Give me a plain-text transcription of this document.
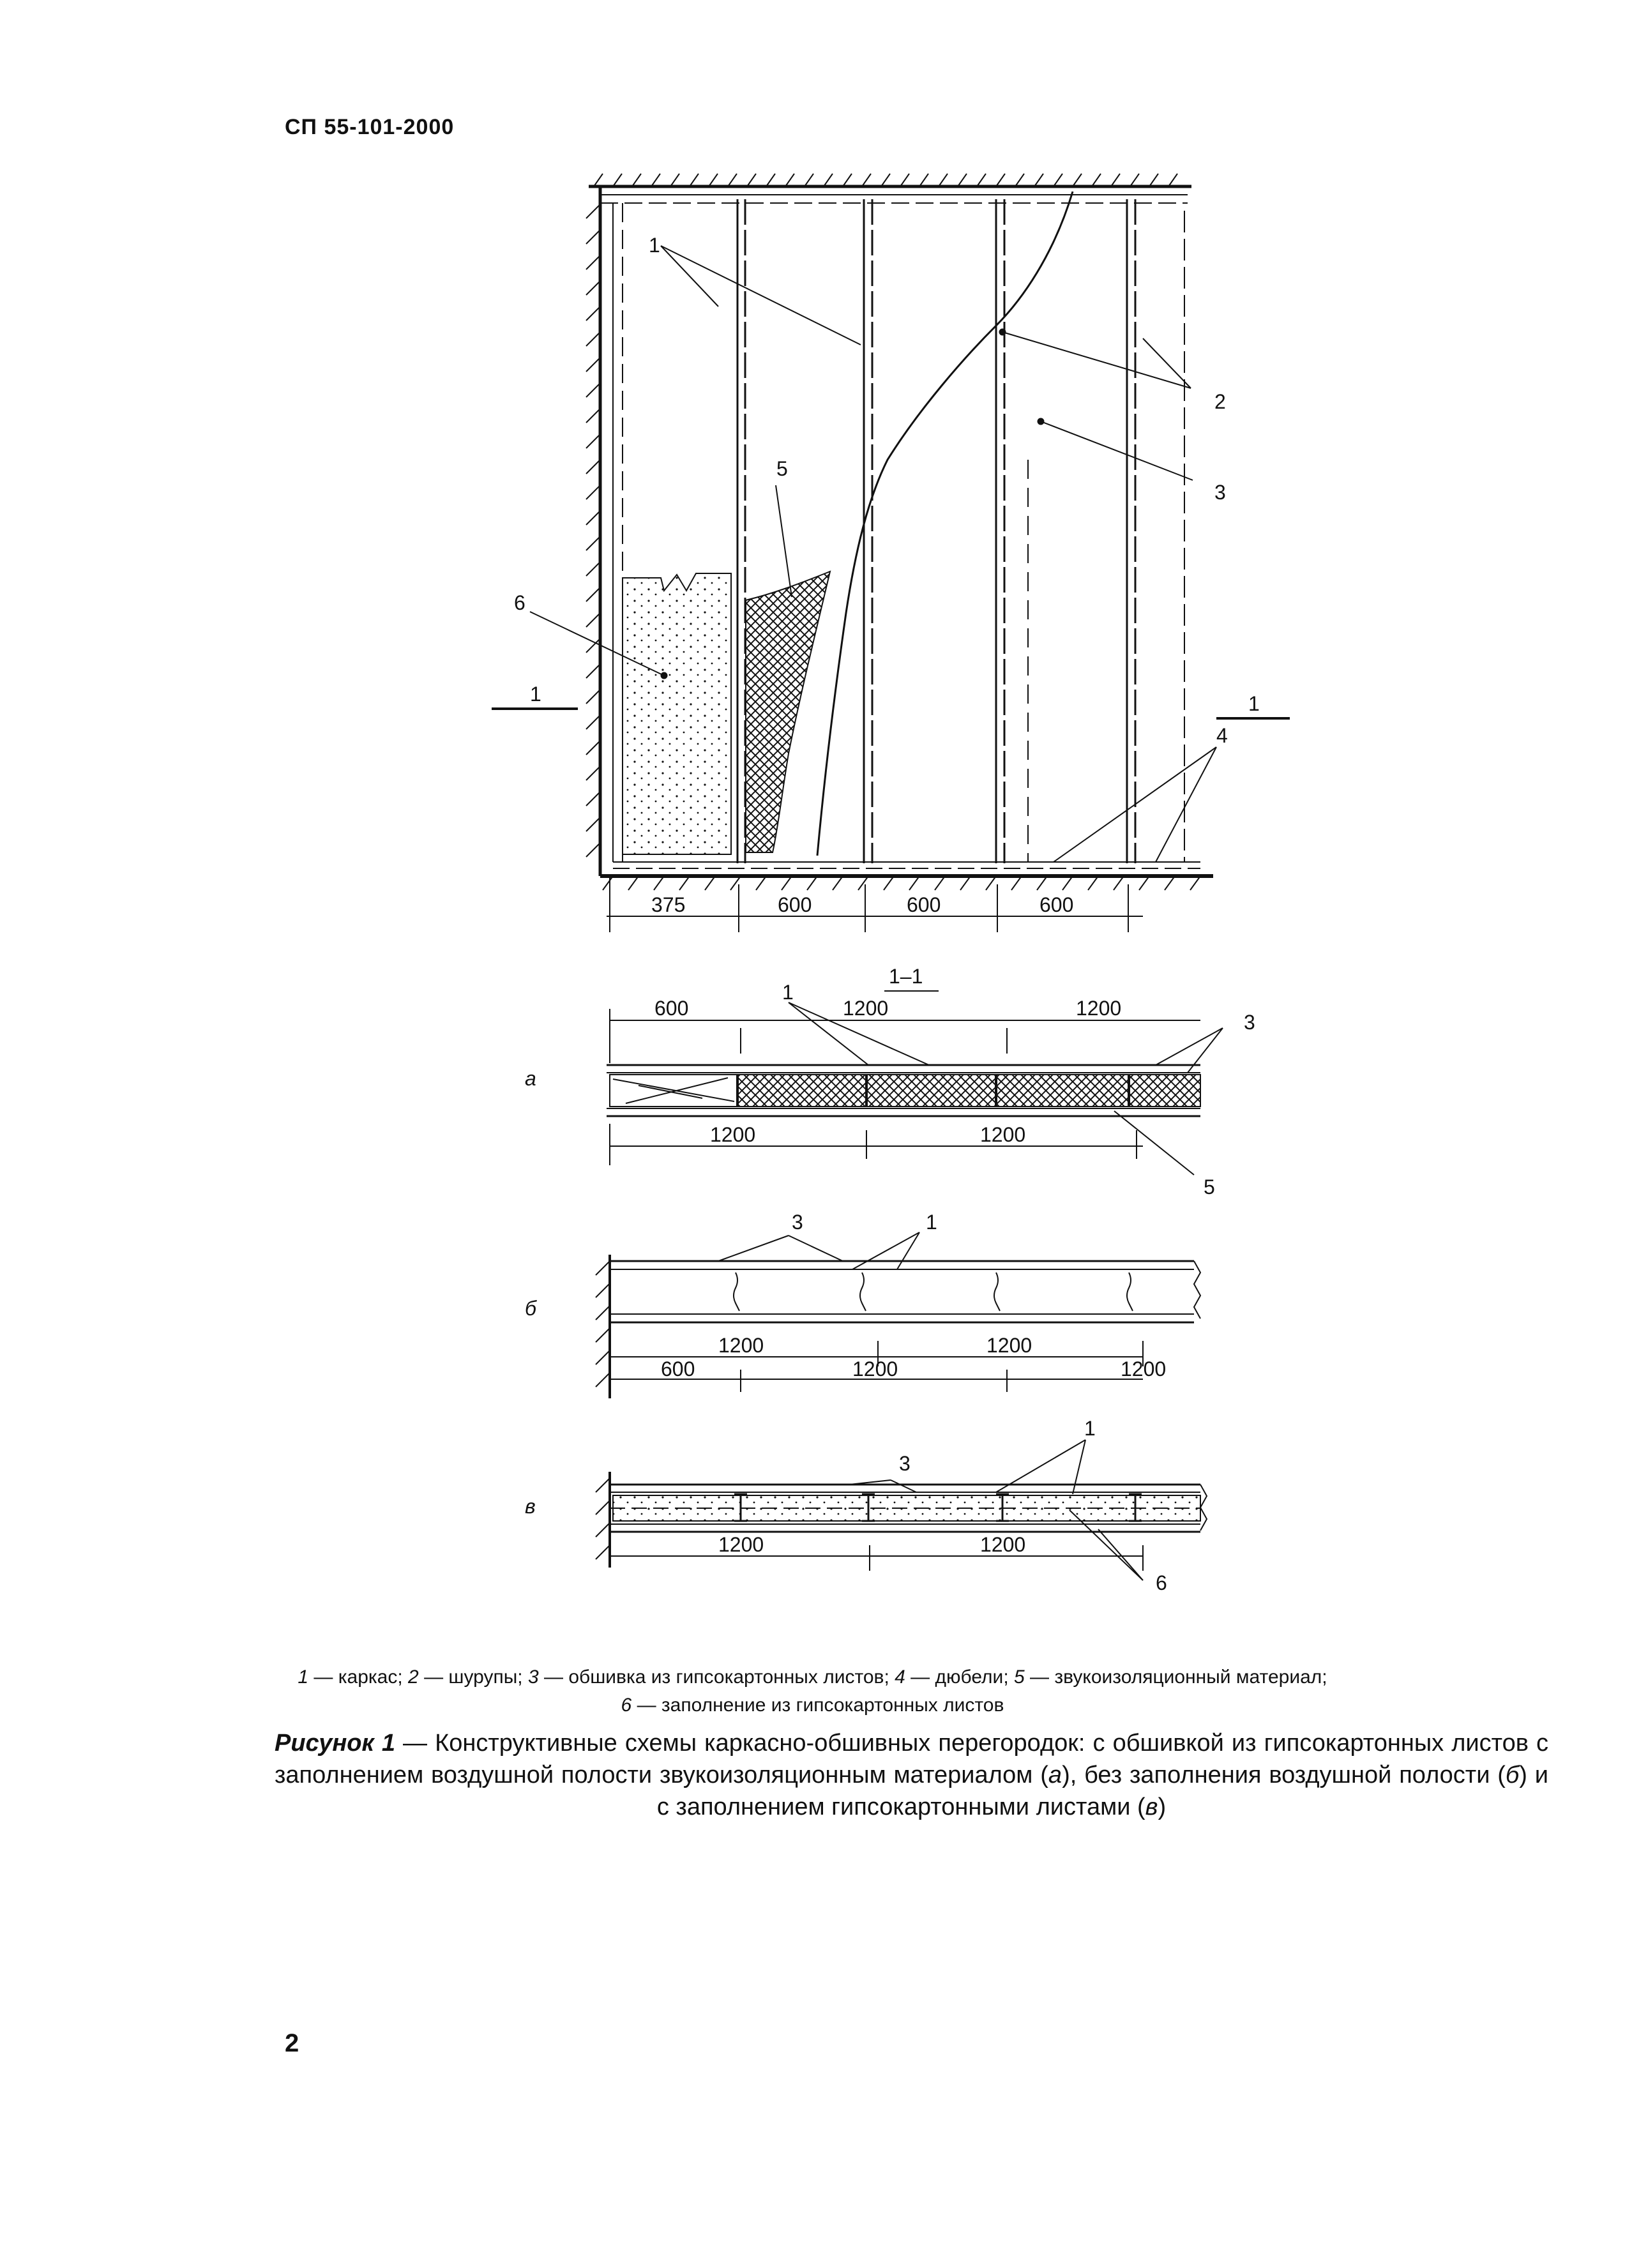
СП 55-101-2000
1
2
3
5
6
4
1	1
375	600	600	600
1–1
а
600	1200	1200
1
3
1200	1200
5
б
3	1
1200	1200
600	1200	1200
в
3
1
1200	1200
6
1 — каркас; 2 — шурупы; 3 — обшивка из гипсокартонных листов; 4 — дюбели; 5 — звукоизоляционный материал;
6 — заполнение из гипсокартонных листов
Рисунок 1 — Конструктивные схемы каркасно-обшивных перегородок: с обшивкой из гипсокартонных листов с заполнением воздушной полости звукоизоляционным материалом (а), без заполнения воздушной полости (б) и с заполнением гипсокартонными листами (в)
2
